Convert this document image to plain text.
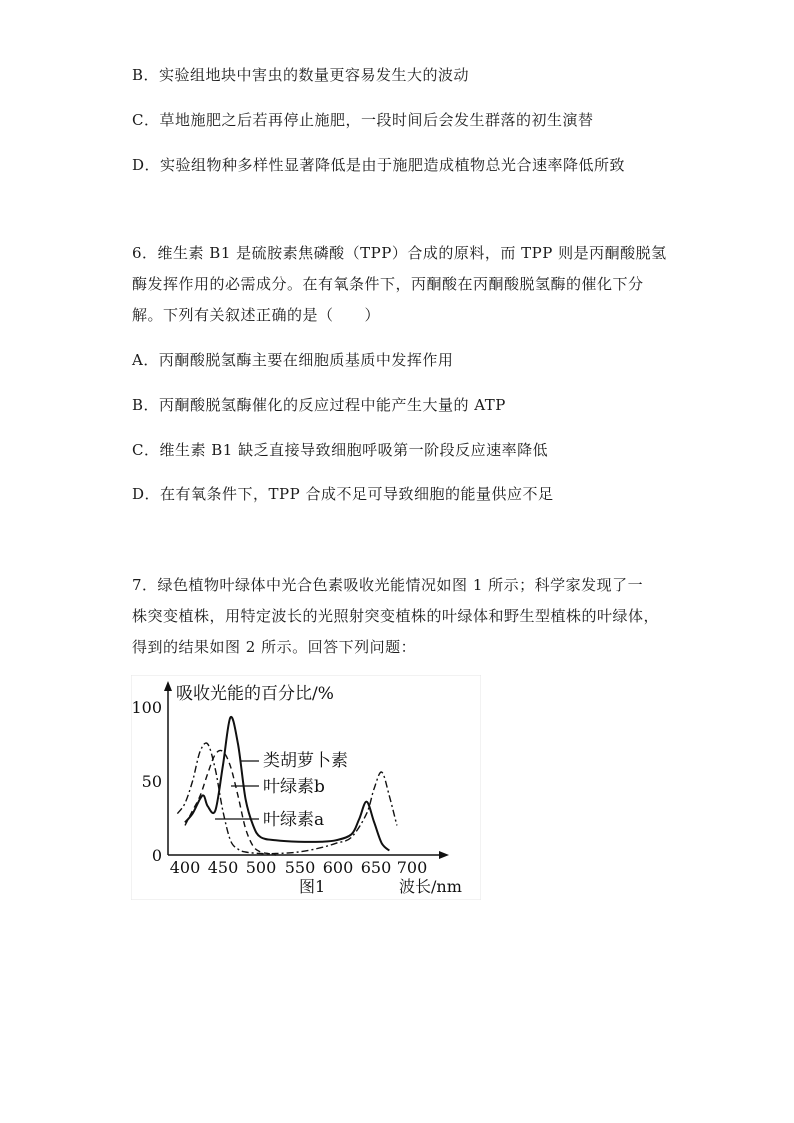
B．实验组地块中害虫的数量更容易发生大的波动
C．草地施肥之后若再停止施肥，一段时间后会发生群落的初生演替
D．实验组物种多样性显著降低是由于施肥造成植物总光合速率降低所致
6．维生素 B1 是硫胺素焦磷酸（TPP）合成的原料，而 TPP 则是丙酮酸脱氢
酶发挥作用的必需成分。在有氧条件下，丙酮酸在丙酮酸脱氢酶的催化下分
解。下列有关叙述正确的是（　　）
A．丙酮酸脱氢酶主要在细胞质基质中发挥作用
B．丙酮酸脱氢酶催化的反应过程中能产生大量的 ATP
C．维生素 B1 缺乏直接导致细胞呼吸第一阶段反应速率降低
D．在有氧条件下，TPP 合成不足可导致细胞的能量供应不足
7．绿色植物叶绿体中光合色素吸收光能情况如图 1 所示；科学家发现了一
株突变植株，用特定波长的光照射突变植株的叶绿体和野生型植株的叶绿体，
得到的结果如图 2 所示。回答下列问题：
吸收光能的百分比/%
波长/nm
图1
100
50
0
400 450 500 550 600 650 700
类胡萝卜素
叶绿素b
叶绿素a
